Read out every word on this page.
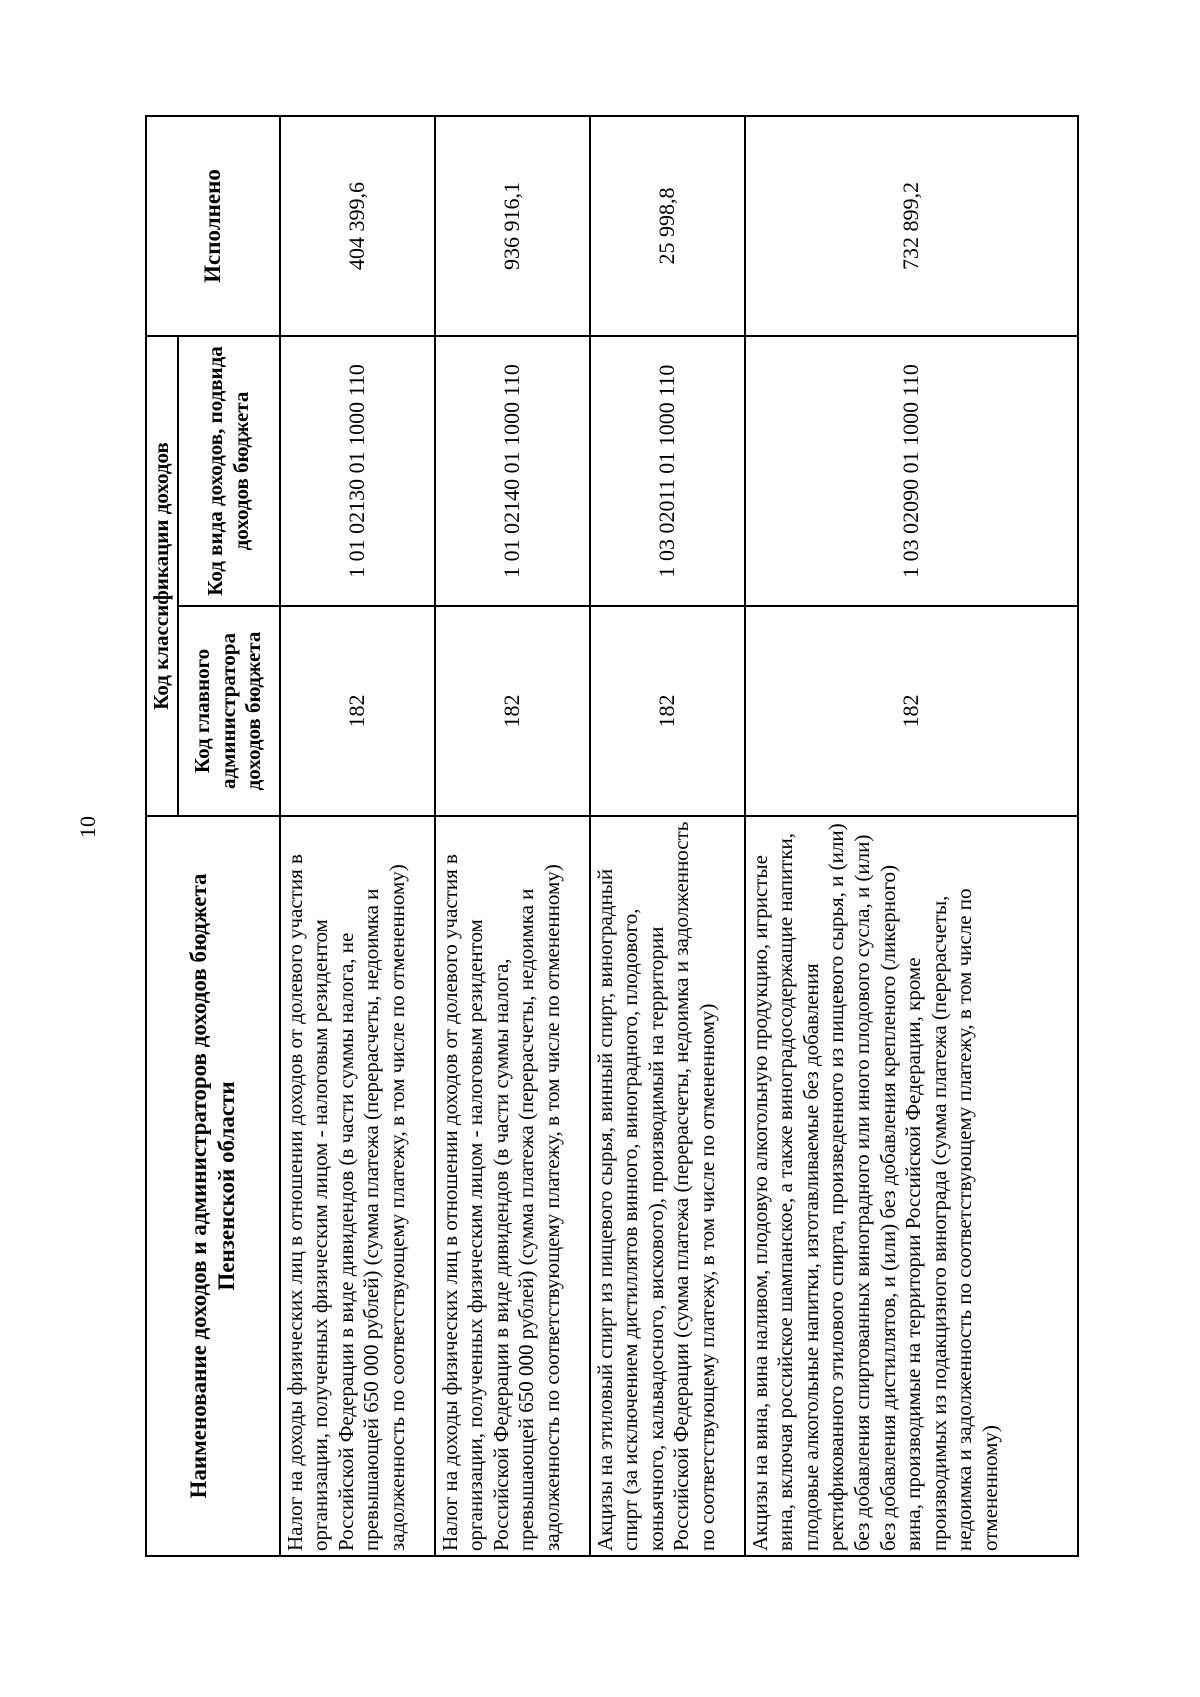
10
Наименование доходов и администраторов доходов бюджета Пензенской области	Код классификации доходов		Исполнено
	Код главного администратора доходов бюджета	Код вида доходов, подвида доходов бюджета	
Налог на доходы физических лиц в отношении доходов от долевого участия в организации, полученных физическим лицом - налоговым резидентом Российской Федерации в виде дивидендов (в части суммы налога, не превышающей 650 000 рублей) (сумма платежа (перерасчеты, недоимка и задолженность по соответствующему платежу, в том числе по отмененному)	182	1 01 02130 01 1000 110	404 399,6
Налог на доходы физических лиц в отношении доходов от долевого участия в организации, полученных физическим лицом - налоговым резидентом Российской Федерации в виде дивидендов (в части суммы налога, превышающей 650 000 рублей) (сумма платежа (перерасчеты, недоимка и задолженность по соответствующему платежу, в том числе по отмененному)	182	1 01 02140 01 1000 110	936 916,1
Акцизы на этиловый спирт из пищевого сырья, винный спирт, виноградный спирт (за исключением дистиллятов винного, виноградного, плодового, коньячного, кальвадосного, вискового), производимый на территории Российской Федерации (сумма платежа (перерасчеты, недоимка и задолженность по соответствующему платежу, в том числе по отмененному)	182	1 03 02011 01 1000 110	25 998,8
Акцизы на вина, вина наливом, плодовую алкогольную продукцию, игристые вина, включая российское шампанское, а также виноградосодержащие напитки, плодовые алкогольные напитки, изготавливаемые без добавления ректификованного этилового спирта, произведенного из пищевого сырья, и (или) без добавления спиртованных виноградного или иного плодового сусла, и (или) без добавления дистиллятов, и (или) без добавления крепленого (ликерного) вина, производимые на территории Российской Федерации, кроме производимых из подакцизного винограда (сумма платежа (перерасчеты, недоимка и задолженность по соответствующему платежу, в том числе по отмененному)	182	1 03 02090 01 1000 110	732 899,2
